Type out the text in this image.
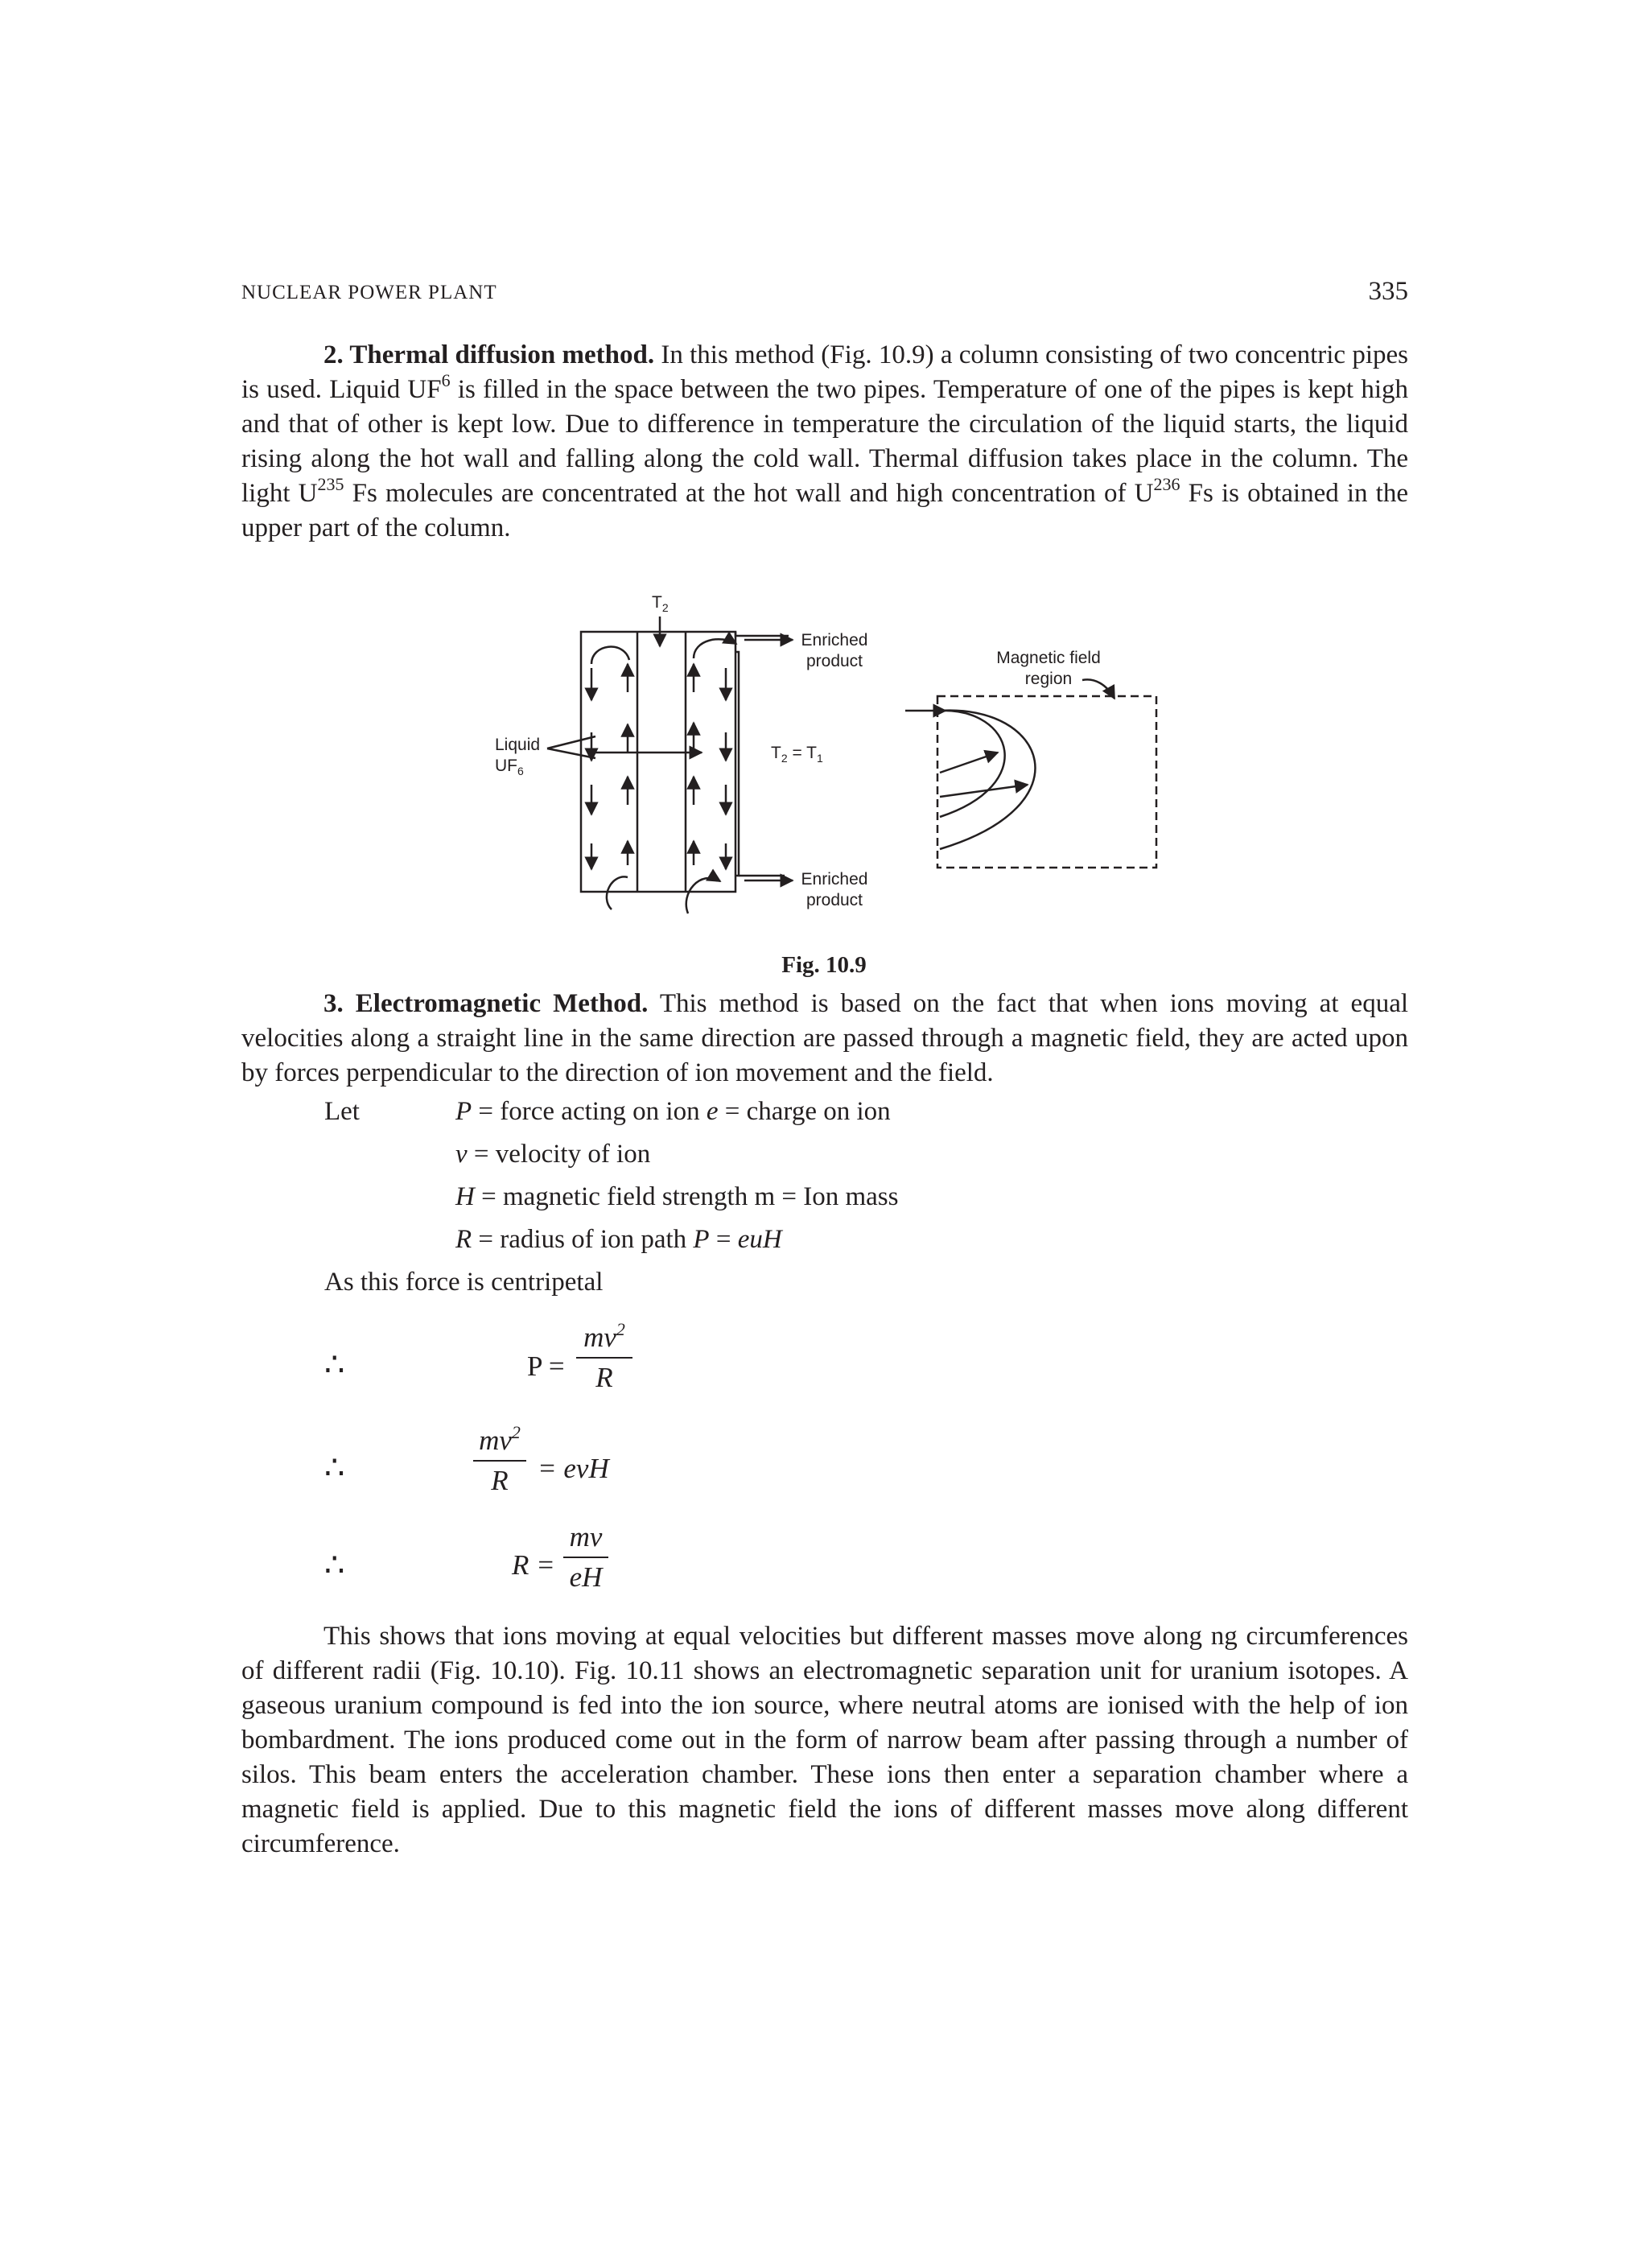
NUCLEAR POWER PLANT	335

2. Thermal diffusion method. In this method (Fig. 10.9) a column consisting of two concentric pipes is used. Liquid $UF^6$ is filled in the space between the two pipes. Temperature of one of the pipes is kept high and that of other is kept low. Due to difference in temperature the circulation of the liquid starts, the liquid rising along the hot wall and falling along the cold wall. Thermal diffusion takes place in the column. The light $U^{235}$ Fs molecules are concentrated at the hot wall and high concentration of $U^{236}$ Fs is obtained in the upper part of the column.

$T_2$
Enriched
product
$T_2 = T_1$
Liquid
$UF_6$
Enriched
product
Magnetic field
region
Fig. 10.9

3. Electromagnetic Method. This method is based on the fact that when ions moving at equal velocities along a straight line in the same direction are passed through a magnetic field, they are acted upon by forces perpendicular to the direction of ion movement and the field.

Let	P = force acting on ion e = charge on ion
v = velocity of ion
H = magnetic field strength m = Ion mass
R = radius of ion path P = euH
As this force is centripetal
∴	P =
$mv^2$
R
∴
$mv^2$
R	= evH
∴	R =
mv
eH

This shows that ions moving at equal velocities but different masses move along ng circumferences of different radii (Fig. 10.10). Fig. 10.11 shows an electromagnetic separation unit for uranium isotopes. A gaseous uranium compound is fed into the ion source, where neutral atoms are ionised with the help of ion bombardment. The ions produced come out in the form of narrow beam after passing through a number of silos. This beam enters the acceleration chamber. These ions then enter a separation chamber where a magnetic field is applied. Due to this magnetic field the ions of different masses move along different circumference.
